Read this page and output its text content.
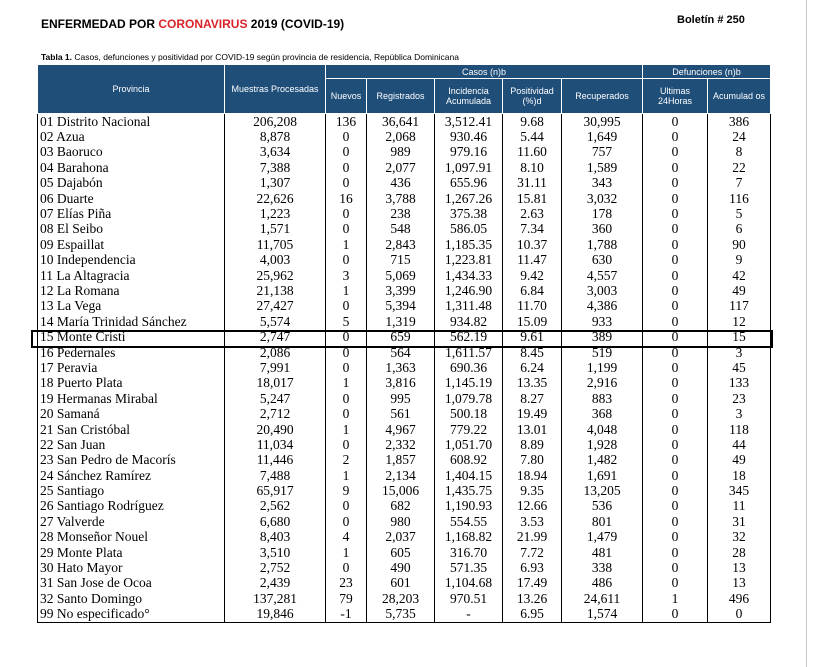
ENFERMEDAD POR CORONAVIRUS 2019 (COVID-19)	Boletín # 250
Tabla 1. Casos, defunciones y positividad por COVID-19 según provincia de residencia, República Dominicana
Provincia	Muestras Procesadas	Casos (n)b					Defunciones (n)b	
		Nuevos	Registrados	Incidencia Acumulada	Positividad (%)d	Recuperados	Ultimas 24Horas	Acumulad os
01 Distrito Nacional	206,208	136	36,641	3,512.41	9.68	30,995	0	386
02 Azua	8,878	0	2,068	930.46	5.44	1,649	0	24
03 Baoruco	3,634	0	989	979.16	11.60	757	0	8
04 Barahona	7,388	0	2,077	1,097.91	8.10	1,589	0	22
05 Dajabón	1,307	0	436	655.96	31.11	343	0	7
06 Duarte	22,626	16	3,788	1,267.26	15.81	3,032	0	116
07 Elías Piña	1,223	0	238	375.38	2.63	178	0	5
08 El Seibo	1,571	0	548	586.05	7.34	360	0	6
09 Espaillat	11,705	1	2,843	1,185.35	10.37	1,788	0	90
10 Independencia	4,003	0	715	1,223.81	11.47	630	0	9
11 La Altagracia	25,962	3	5,069	1,434.33	9.42	4,557	0	42
12 La Romana	21,138	1	3,399	1,246.90	6.84	3,003	0	49
13 La Vega	27,427	0	5,394	1,311.48	11.70	4,386	0	117
14 María Trinidad Sánchez	5,574	5	1,319	934.82	15.09	933	0	12
15 Monte Cristi	2,747	0	659	562.19	9.61	389	0	15
16 Pedernales	2,086	0	564	1,611.57	8.45	519	0	3
17 Peravia	7,991	0	1,363	690.36	6.24	1,199	0	45
18 Puerto Plata	18,017	1	3,816	1,145.19	13.35	2,916	0	133
19 Hermanas Mirabal	5,247	0	995	1,079.78	8.27	883	0	23
20 Samaná	2,712	0	561	500.18	19.49	368	0	3
21 San Cristóbal	20,490	1	4,967	779.22	13.01	4,048	0	118
22 San Juan	11,034	0	2,332	1,051.70	8.89	1,928	0	44
23 San Pedro de Macorís	11,446	2	1,857	608.92	7.80	1,482	0	49
24 Sánchez Ramírez	7,488	1	2,134	1,404.15	18.94	1,691	0	18
25 Santiago	65,917	9	15,006	1,435.75	9.35	13,205	0	345
26 Santiago Rodríguez	2,562	0	682	1,190.93	12.66	536	0	11
27 Valverde	6,680	0	980	554.55	3.53	801	0	31
28 Monseñor Nouel	8,403	4	2,037	1,168.82	21.99	1,479	0	32
29 Monte Plata	3,510	1	605	316.70	7.72	481	0	28
30 Hato Mayor	2,752	0	490	571.35	6.93	338	0	13
31 San Jose de Ocoa	2,439	23	601	1,104.68	17.49	486	0	13
32 Santo Domingo	137,281	79	28,203	970.51	13.26	24,611	1	496
99 No especificado°	19,846	-1	5,735	-	6.95	1,574	0	0
